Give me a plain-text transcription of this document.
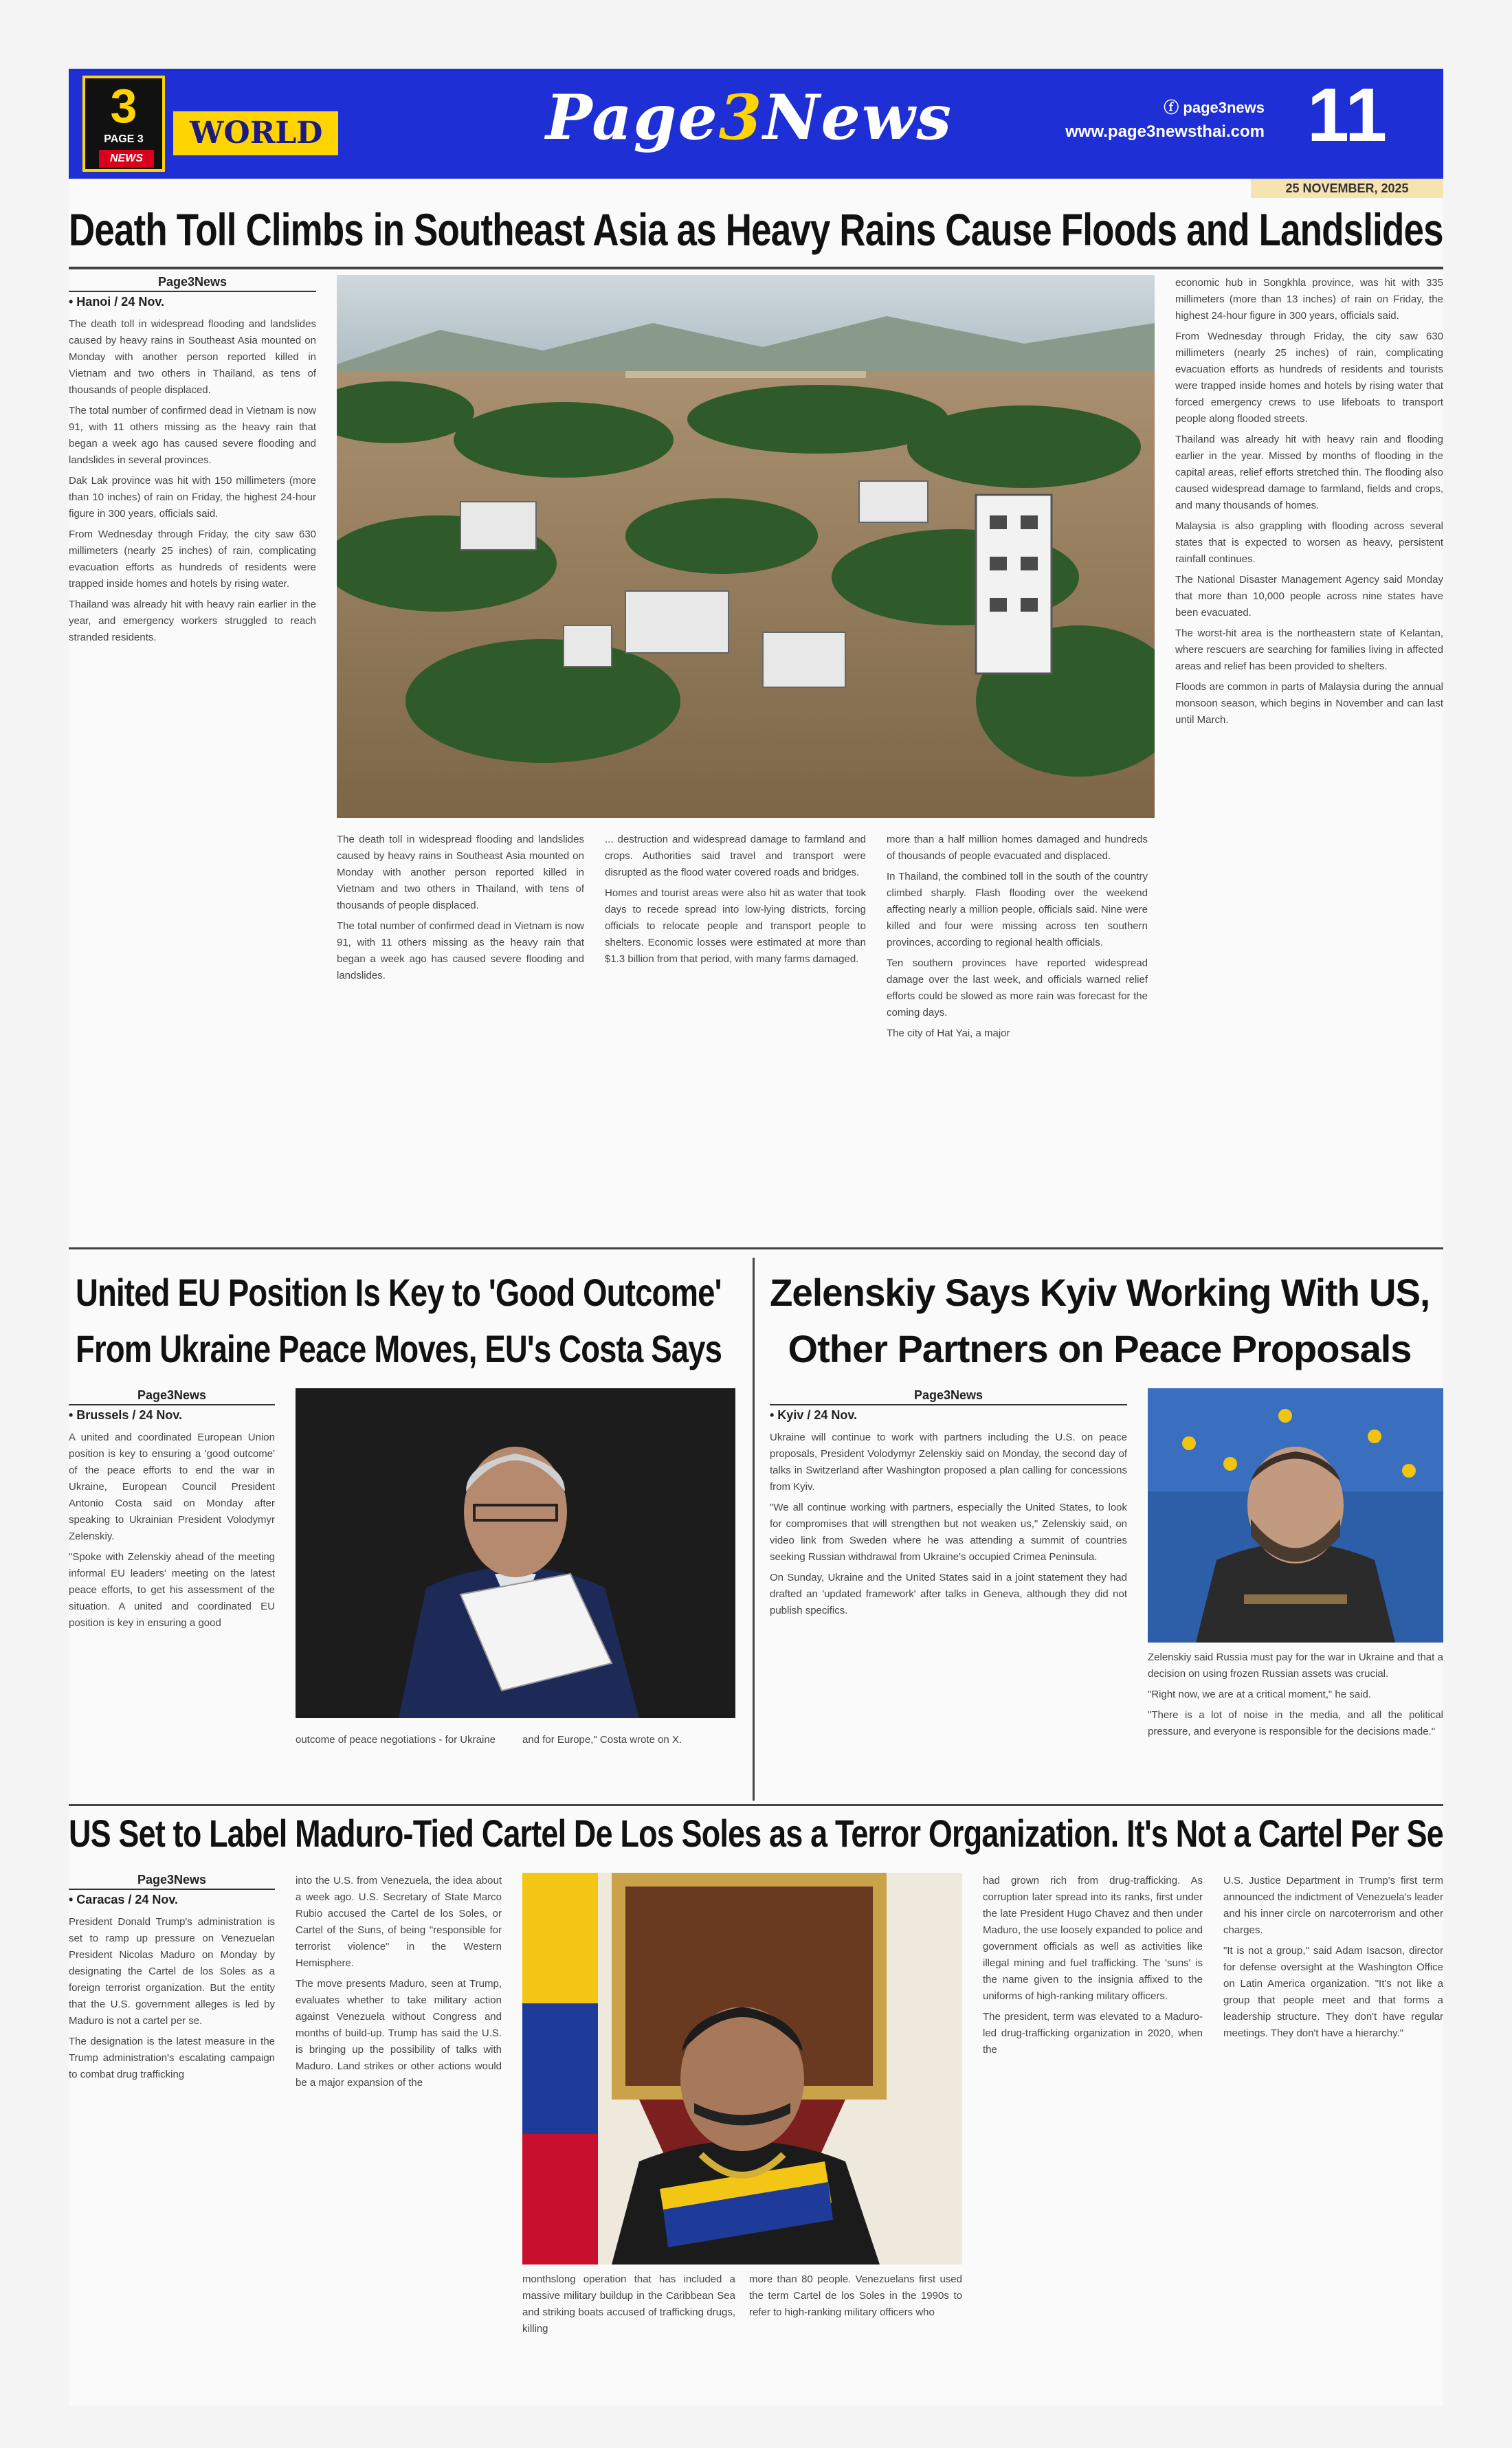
3
PAGE 3
NEWS
WORLD	Page3News	ⓕ page3news
www.page3newsthai.com 11
25 NOVEMBER, 2025
Death Toll Climbs in Southeast Asia as Heavy Rains Cause Floods and Landslides
Page3News
• Hanoi / 24 Nov.

The death toll in widespread flooding and landslides caused by heavy rains in Southeast Asia mounted on Monday with another person reported killed in Vietnam and two others in Thailand, as tens of thousands of people displaced.

The total number of confirmed dead in Vietnam is now 91, with 11 others missing as the heavy rain that began a week ago has caused severe flooding and landslides in several provinces.

Dak Lak province was hit with 150 millimeters (more than 10 inches) of rain on Friday, the highest 24-hour figure in 300 years, officials said.

From Wednesday through Friday, the city saw 630 millimeters (nearly 25 inches) of rain, complicating evacuation efforts as hundreds of residents were trapped inside homes and hotels by rising water.

Thailand was already hit with heavy rain earlier in the year, and emergency workers struggled to reach stranded residents.

The death toll in widespread flooding and landslides caused by heavy rains in Southeast Asia mounted on Monday with another person reported killed in Vietnam and two others in Thailand, with tens of thousands of people displaced.

The total number of confirmed dead in Vietnam is now 91, with 11 others missing as the heavy rain that began a week ago has caused severe flooding and landslides.

... destruction and widespread damage to farmland and crops. Authorities said travel and transport were disrupted as the flood water covered roads and bridges.

Homes and tourist areas were also hit as water that took days to recede spread into low-lying districts, forcing officials to relocate people and transport people to shelters. Economic losses were estimated at more than $1.3 billion from that period, with many farms damaged.

more than a half million homes damaged and hundreds of thousands of people evacuated and displaced.

In Thailand, the combined toll in the south of the country climbed sharply. Flash flooding over the weekend affecting nearly a million people, officials said. Nine were killed and four were missing across ten southern provinces, according to regional health officials.

Ten southern provinces have reported widespread damage over the last week, and officials warned relief efforts could be slowed as more rain was forecast for the coming days.

The city of Hat Yai, a major

economic hub in Songkhla province, was hit with 335 millimeters (more than 13 inches) of rain on Friday, the highest 24-hour figure in 300 years, officials said.

From Wednesday through Friday, the city saw 630 millimeters (nearly 25 inches) of rain, complicating evacuation efforts as hundreds of residents and tourists were trapped inside homes and hotels by rising water that forced emergency crews to use lifeboats to transport people along flooded streets.

Thailand was already hit with heavy rain and flooding earlier in the year. Missed by months of flooding in the capital areas, relief efforts stretched thin. The flooding also caused widespread damage to farmland, fields and crops, and many thousands of homes.

Malaysia is also grappling with flooding across several states that is expected to worsen as heavy, persistent rainfall continues.

The National Disaster Management Agency said Monday that more than 10,000 people across nine states have been evacuated.

The worst-hit area is the northeastern state of Kelantan, where rescuers are searching for families living in affected areas and relief has been provided to shelters.

Floods are common in parts of Malaysia during the annual monsoon season, which begins in November and can last until March.

United EU Position Is Key to 'Good Outcome'
From Ukraine Peace Moves, EU's Costa Says
Page3News
• Brussels / 24 Nov.

A united and coordinated European Union position is key to ensuring a 'good outcome' of the peace efforts to end the war in Ukraine, European Council President Antonio Costa said on Monday after speaking to Ukrainian President Volodymyr Zelenskiy.

"Spoke with Zelenskiy ahead of the meeting informal EU leaders' meeting on the latest peace efforts, to get his assessment of the situation. A united and coordinated EU position is key in ensuring a good

outcome of peace negotiations - for Ukraine	and for Europe," Costa wrote on X.

Zelenskiy Says Kyiv Working With US,
Other Partners on Peace Proposals
Page3News
• Kyiv / 24 Nov.

Ukraine will continue to work with partners including the U.S. on peace proposals, President Volodymyr Zelenskiy said on Monday, the second day of talks in Switzerland after Washington proposed a plan calling for concessions from Kyiv.

"We all continue working with partners, especially the United States, to look for compromises that will strengthen but not weaken us," Zelenskiy said, on video link from Sweden where he was attending a summit of countries seeking Russian withdrawal from Ukraine's occupied Crimea Peninsula.

On Sunday, Ukraine and the United States said in a joint statement they had drafted an 'updated framework' after talks in Geneva, although they did not publish specifics.

Zelenskiy said Russia must pay for the war in Ukraine and that a decision on using frozen Russian assets was crucial.

"Right now, we are at a critical moment," he said.

"There is a lot of noise in the media, and all the political pressure, and everyone is responsible for the decisions made."

US Set to Label Maduro-Tied Cartel De Los Soles as a Terror Organization. It's Not a Cartel Per Se
Page3News
• Caracas / 24 Nov.

President Donald Trump's administration is set to ramp up pressure on Venezuelan President Nicolas Maduro on Monday by designating the Cartel de los Soles as a foreign terrorist organization. But the entity that the U.S. government alleges is led by Maduro is not a cartel per se.

The designation is the latest measure in the Trump administration's escalating campaign to combat drug trafficking

into the U.S. from Venezuela, the idea about a week ago. U.S. Secretary of State Marco Rubio accused the Cartel de los Soles, or Cartel of the Suns, of being "responsible for terrorist violence" in the Western Hemisphere.

The move presents Maduro, seen at Trump, evaluates whether to take military action against Venezuela without Congress and months of build-up. Trump has said the U.S. is bringing up the possibility of talks with Maduro. Land strikes or other actions would be a major expansion of the

monthslong operation that has included a massive military buildup in the Caribbean Sea and striking boats accused of trafficking drugs, killing

more than 80 people. Venezuelans first used the term Cartel de los Soles in the 1990s to refer to high-ranking military officers who

had grown rich from drug-trafficking. As corruption later spread into its ranks, first under the late President Hugo Chavez and then under Maduro, the use loosely expanded to police and government officials as well as activities like illegal mining and fuel trafficking. The 'suns' is the name given to the insignia affixed to the uniforms of high-ranking military officers.

The president, term was elevated to a Maduro-led drug-trafficking organization in 2020, when the

U.S. Justice Department in Trump's first term announced the indictment of Venezuela's leader and his inner circle on narcoterrorism and other charges.

"It is not a group," said Adam Isacson, director for defense oversight at the Washington Office on Latin America organization. "It's not like a group that people meet and that forms a leadership structure. They don't have regular meetings. They don't have a hierarchy."
